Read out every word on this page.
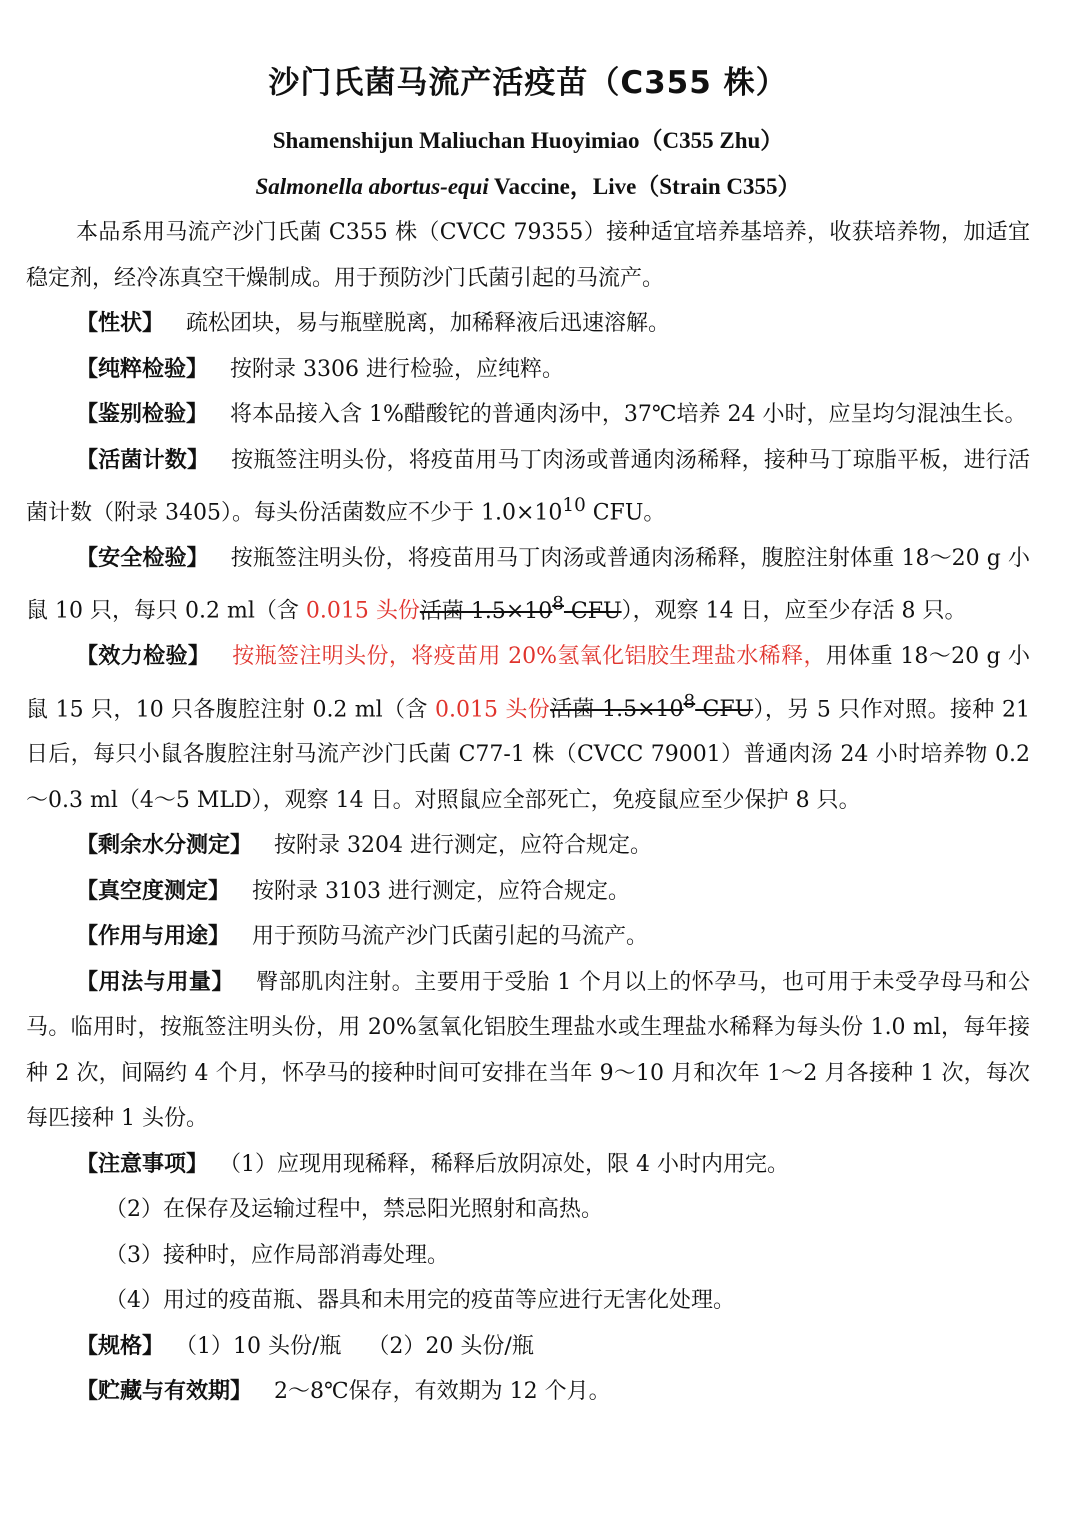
沙门氏菌马流产活疫苗（C355 株）

Shamenshijun Maliuchan Huoyimiao（C355 Zhu）

Salmonella abortus-equi Vaccine，Live（Strain C355）

本品系用马流产沙门氏菌 C355 株（CVCC 79355）接种适宜培养基培养，收获培养物，加适宜稳定剂，经冷冻真空干燥制成。用于预防沙门氏菌引起的马流产。

【性状】 疏松团块，易与瓶壁脱离，加稀释液后迅速溶解。

【纯粹检验】 按附录 3306 进行检验，应纯粹。

【鉴别检验】 将本品接入含 1%醋酸铊的普通肉汤中，37℃培养 24 小时，应呈均匀混浊生长。

【活菌计数】 按瓶签注明头份，将疫苗用马丁肉汤或普通肉汤稀释，接种马丁琼脂平板，进行活菌计数（附录 3405）。每头份活菌数应不少于 $1.0\times 10^{10}$ CFU。

【安全检验】 按瓶签注明头份，将疫苗用马丁肉汤或普通肉汤稀释，腹腔注射体重 18～20 g 小鼠 10 只，每只 0.2 ml（含 0.015 头份活菌 $1.5\times 10^8$ CFU），观察 14 日，应至少存活 8 只。

【效力检验】 按瓶签注明头份，将疫苗用 20%氢氧化铝胶生理盐水稀释，用体重 18～20 g 小鼠 15 只，10 只各腹腔注射 0.2 ml（含 0.015 头份活菌 $1.5\times 10^8$ CFU），另 5 只作对照。接种 21 日后，每只小鼠各腹腔注射马流产沙门氏菌 C77-1 株（CVCC 79001）普通肉汤 24 小时培养物 0.2～0.3 ml（4～5 MLD），观察 14 日。对照鼠应全部死亡，免疫鼠应至少保护 8 只。

【剩余水分测定】 按附录 3204 进行测定，应符合规定。

【真空度测定】 按附录 3103 进行测定，应符合规定。

【作用与用途】 用于预防马流产沙门氏菌引起的马流产。

【用法与用量】 臀部肌肉注射。主要用于受胎 1 个月以上的怀孕马，也可用于未受孕母马和公马。临用时，按瓶签注明头份，用 20%氢氧化铝胶生理盐水或生理盐水稀释为每头份 1.0 ml，每年接种 2 次，间隔约 4 个月，怀孕马的接种时间可安排在当年 9～10 月和次年 1～2 月各接种 1 次，每次每匹接种 1 头份。

【注意事项】 （1）应现用现稀释，稀释后放阴凉处，限 4 小时内用完。

（2）在保存及运输过程中，禁忌阳光照射和高热。

（3）接种时，应作局部消毒处理。

（4）用过的疫苗瓶、器具和未用完的疫苗等应进行无害化处理。

【规格】 （1）10 头份/瓶 （2）20 头份/瓶

【贮藏与有效期】 2～8℃保存，有效期为 12 个月。
